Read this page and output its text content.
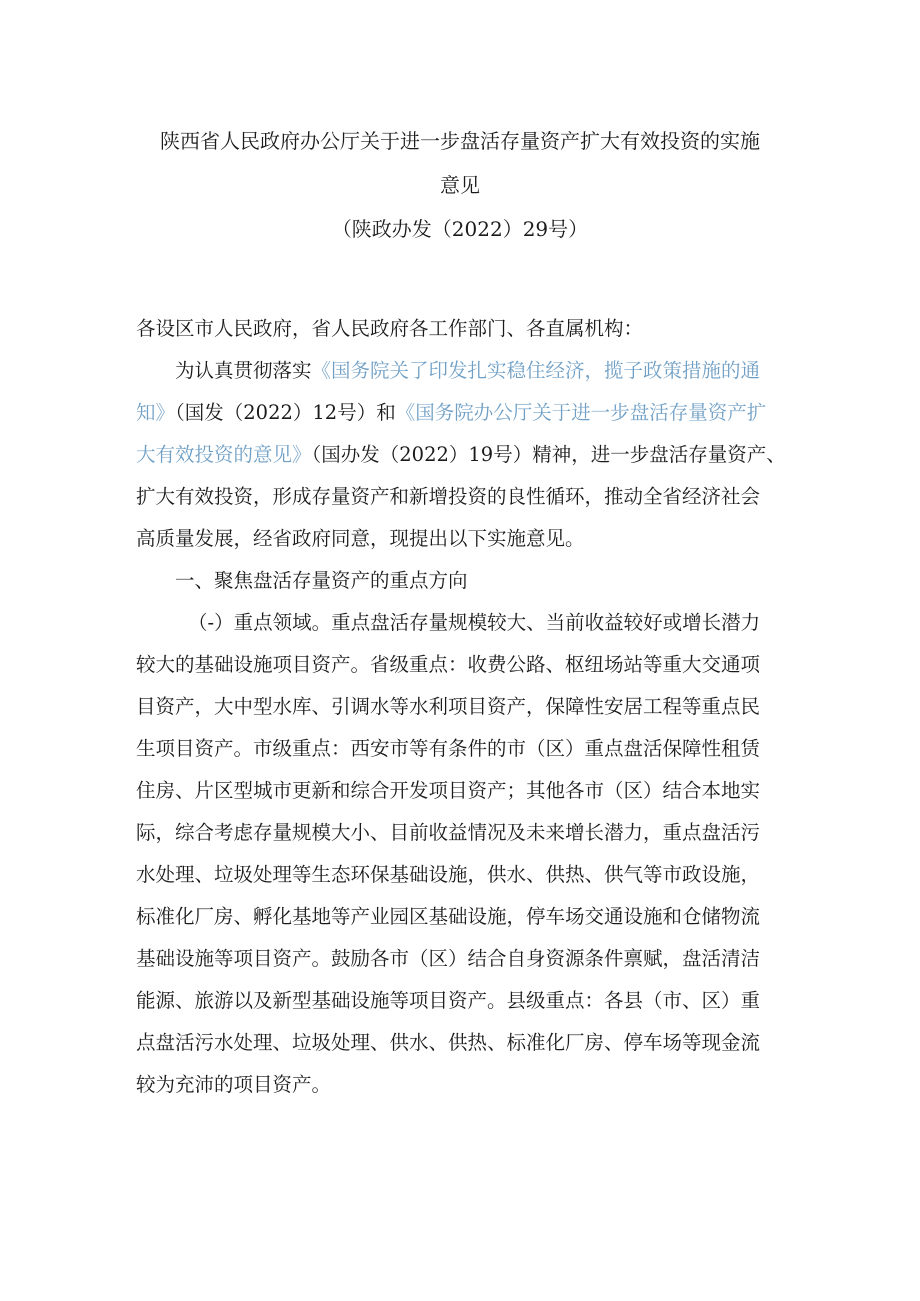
陕西省人民政府办公厅关于进一步盘活存量资产扩大有效投资的实施
意见
（陕政办发（2022）29号）
各设区市人民政府，省人民政府各工作部门、各直属机构：
为认真贯彻落实《国务院关了印发扎实稳住经济，揽子政策措施的通
知》（国发（2022）12号）和《国务院办公厅关于进一步盘活存量资产扩
大有效投资的意见》（国办发（2022）19号）精神，进一步盘活存量资产、
扩大有效投资，形成存量资产和新增投资的良性循环，推动全省经济社会
高质量发展，经省政府同意，现提出以下实施意见。
一、聚焦盘活存量资产的重点方向
（-）重点领域。重点盘活存量规模较大、当前收益较好或增长潜力
较大的基础设施项目资产。省级重点：收费公路、枢纽场站等重大交通项
目资产，大中型水库、引调水等水利项目资产，保障性安居工程等重点民
生项目资产。市级重点：西安市等有条件的市（区）重点盘活保障性租赁
住房、片区型城市更新和综合开发项目资产；其他各市（区）结合本地实
际，综合考虑存量规模大小、目前收益情况及未来增长潜力，重点盘活污
水处理、垃圾处理等生态环保基础设施，供水、供热、供气等市政设施，
标准化厂房、孵化基地等产业园区基础设施，停车场交通设施和仓储物流
基础设施等项目资产。鼓励各市（区）结合自身资源条件禀赋，盘活清洁
能源、旅游以及新型基础设施等项目资产。县级重点：各县（市、区）重
点盘活污水处理、垃圾处理、供水、供热、标准化厂房、停车场等现金流
较为充沛的项目资产。
